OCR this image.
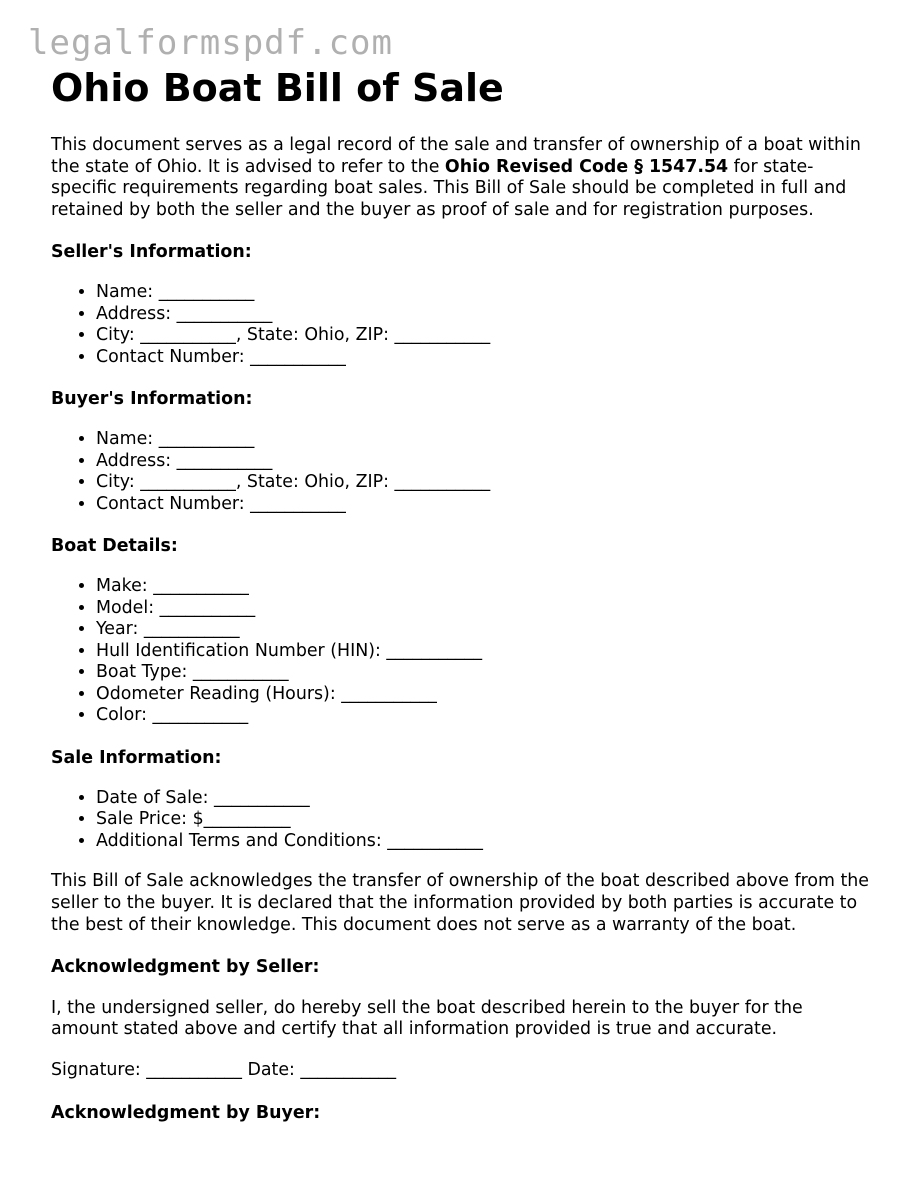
legalformspdf.com
Ohio Boat Bill of Sale

This document serves as a legal record of the sale and transfer of ownership of a boat within the state of Ohio. It is advised to refer to the Ohio Revised Code § 1547.54 for state-specific requirements regarding boat sales. This Bill of Sale should be completed in full and retained by both the seller and the buyer as proof of sale and for registration purposes.

Seller's Information:
• Name: ___________
• Address: ___________
• City: ___________, State: Ohio, ZIP: ___________
• Contact Number: ___________
Buyer's Information:
• Name: ___________
• Address: ___________
• City: ___________, State: Ohio, ZIP: ___________
• Contact Number: ___________
Boat Details:
• Make: ___________
• Model: ___________
• Year: ___________
• Hull Identification Number (HIN): ___________
• Boat Type: ___________
• Odometer Reading (Hours): ___________
• Color: ___________
Sale Information:
• Date of Sale: ___________
• Sale Price: $__________
• Additional Terms and Conditions: ___________

This Bill of Sale acknowledges the transfer of ownership of the boat described above from the seller to the buyer. It is declared that the information provided by both parties is accurate to the best of their knowledge. This document does not serve as a warranty of the boat.

Acknowledgment by Seller:

I, the undersigned seller, do hereby sell the boat described herein to the buyer for the amount stated above and certify that all information provided is true and accurate.

Signature: ___________ Date: ___________

Acknowledgment by Buyer:
